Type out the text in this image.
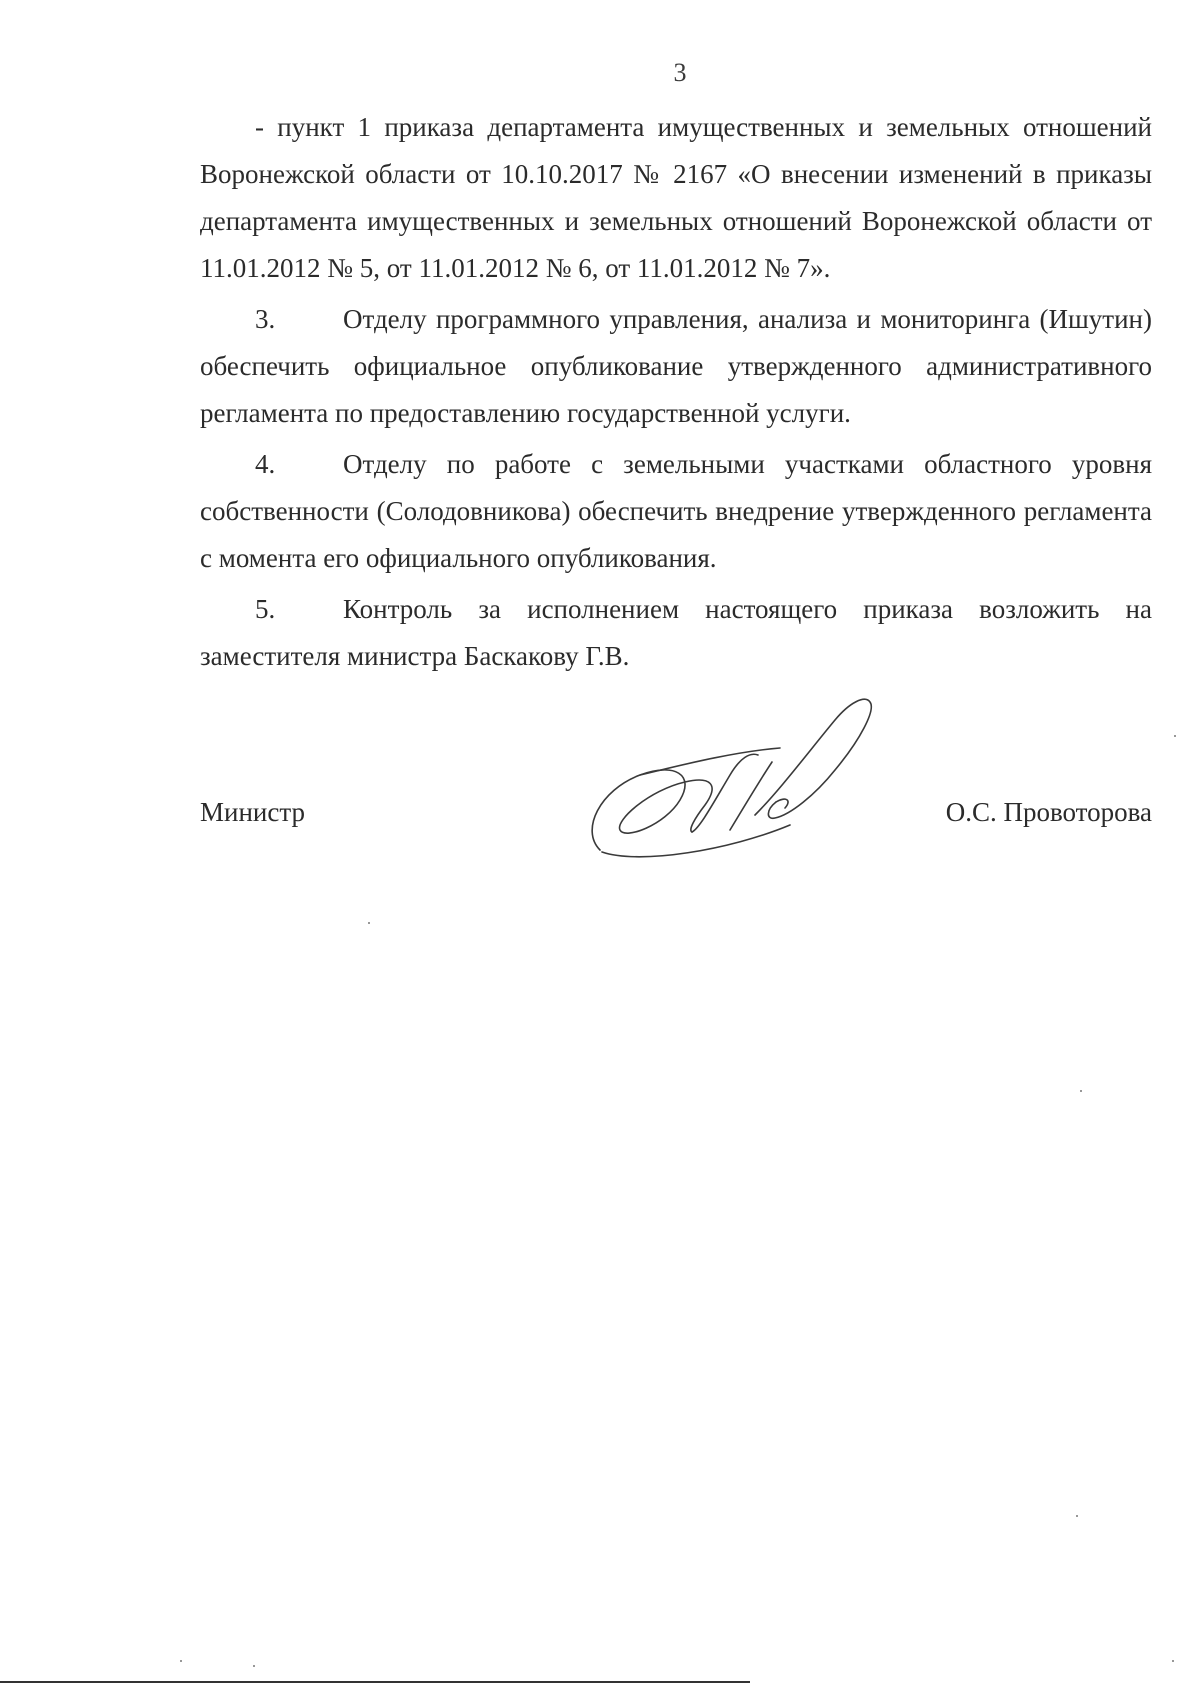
3

- пункт 1 приказа департамента имущественных и земельных отношений Воронежской области от 10.10.2017 № 2167 «О внесении изменений в приказы департамента имущественных и земельных отношений Воронежской области от 11.01.2012 № 5, от 11.01.2012 № 6, от 11.01.2012 № 7».

3.	Отделу программного управления, анализа и мониторинга (Ишутин) обеспечить официальное опубликование утвержденного административного регламента по предоставлению государственной услуги.

4.	Отделу по работе с земельными участками областного уровня собственности (Солодовникова) обеспечить внедрение утвержденного регламента с момента его официального опубликования.

5.	Контроль за исполнением настоящего приказа возложить на заместителя министра Баскакову Г.В.

Министр	О.С. Провоторова
